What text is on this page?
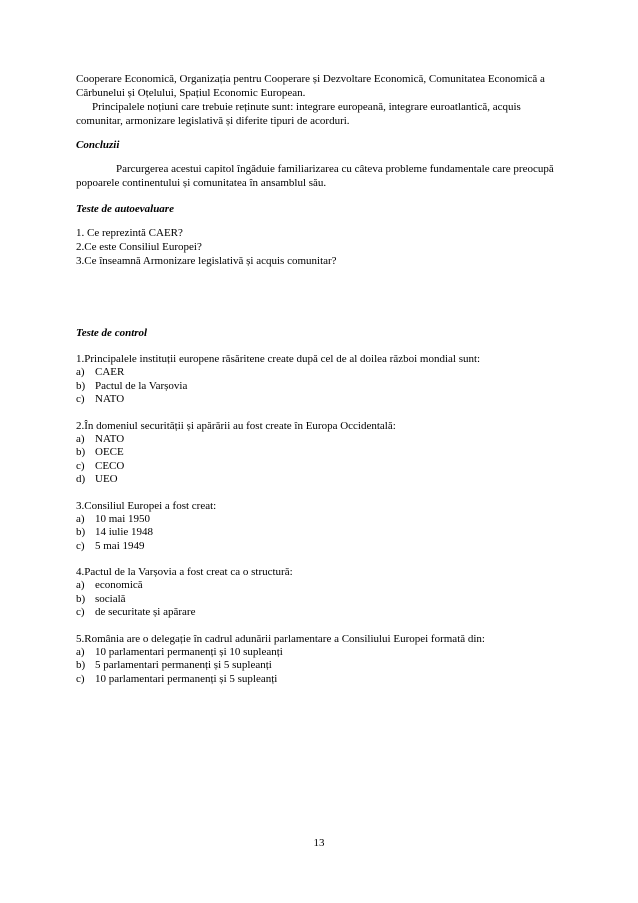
Cooperare Economică, Organizația pentru Cooperare și Dezvoltare Economică, Comunitatea Economică a Cărbunelui și Oțelului, Spațiul Economic European.

Principalele noțiuni care trebuie reținute sunt: integrare europeană, integrare euroatlantică, acquis comunitar, armonizare legislativă și diferite tipuri de acorduri.

Concluzii

Parcurgerea acestui capitol îngăduie familiarizarea cu câteva probleme fundamentale care preocupă popoarele continentului și comunitatea în ansamblul său.

Teste de autoevaluare

1. Ce reprezintă CAER?

2.Ce este Consiliul Europei?

3.Ce înseamnă Armonizare legislativă și acquis comunitar?

Teste de control

1.Principalele instituții europene răsăritene create după cel de al doilea război mondial sunt:

a) CAER
b) Pactul de la Varșovia
c) NATO

2.În domeniul securității și apărării au fost create în Europa Occidentală:

a) NATO
b) OECE
c) CECO
d) UEO

3.Consiliul Europei a fost creat:

a) 10 mai 1950
b) 14 iulie 1948
c) 5 mai 1949

4.Pactul de la Varșovia a fost creat ca o structură:

a) economică
b) socială
c) de securitate și apărare

5.România are o delegație în cadrul adunării parlamentare a Consiliului Europei formată din:

a) 10 parlamentari permanenți și 10 supleanți
b) 5 parlamentari permanenți și 5 supleanți
c) 10 parlamentari permanenți și 5 supleanți
13
